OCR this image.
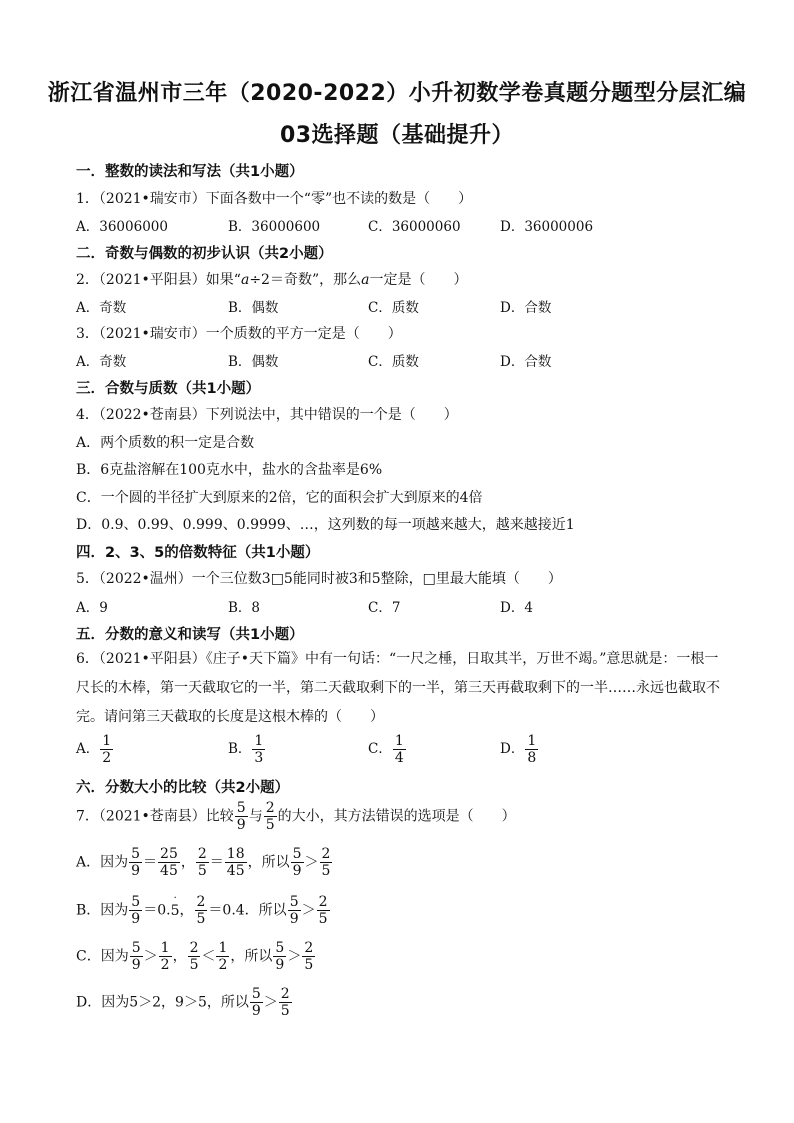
浙江省温州市三年（2020-2022）小升初数学卷真题分题型分层汇编
03选择题（基础提升）
一．整数的读法和写法（共1小题）
1．（2021•瑞安市）下面各数中一个“零”也不读的数是（　　）
A．36006000	B．36000600	C．36000060	D．36000006
二．奇数与偶数的初步认识（共2小题）
2．（2021•平阳县）如果“a÷2＝奇数”，那么a一定是（　　）
A．奇数	B．偶数	C．质数	D．合数
3．（2021•瑞安市）一个质数的平方一定是（　　）
A．奇数	B．偶数	C．质数	D．合数
三．合数与质数（共1小题）
4．（2022•苍南县）下列说法中，其中错误的一个是（　　）
A．两个质数的积一定是合数
B．6克盐溶解在100克水中，盐水的含盐率是6%
C．一个圆的半径扩大到原来的2倍，它的面积会扩大到原来的4倍
D．0.9、0.99、0.999、0.9999、…，这列数的每一项越来越大，越来越接近1
四．2、3、5的倍数特征（共1小题）
5．（2022•温州）一个三位数3□5能同时被3和5整除，□里最大能填（　　）
A．9	B．8	C．7	D．4
五．分数的意义和读写（共1小题）
6．（2021•平阳县）《庄子•天下篇》中有一句话：“一尺之棰，日取其半，万世不竭。”意思就是：一根一尺长的木棒，第一天截取它的一半，第二天截取剩下的一半，第三天再截取剩下的一半……永远也截取不完。请问第三天截取的长度是这根木棒的（　　）
A． $\frac{1}{2}$	B． $\frac{1}{3}$	C． $\frac{1}{4}$	D． $\frac{1}{8}$
六．分数大小的比较（共2小题）
7．（2021•苍南县）比较 $\frac{5}{9}$ 与 $\frac{2}{5}$ 的大小，其方法错误的选项是（　　）
A．因为 $\frac{5}{9} = \frac{25}{45}$ ， $\frac{2}{5} = \frac{18}{45}$ ，所以 $\frac{5}{9} > \frac{2}{5}$
B．因为 $\frac{5}{9} =0.5$
·
， $\frac{2}{5} =0.4$．所以 $\frac{5}{9} > \frac{2}{5}$
C．因为 $\frac{5}{9} > \frac{1}{2}$ ， $\frac{2}{5} < \frac{1}{2}$ ，所以 $\frac{5}{9} > \frac{2}{5}$
D．因为5＞2，9＞5，所以 $\frac{5}{9} > \frac{2}{5}$
